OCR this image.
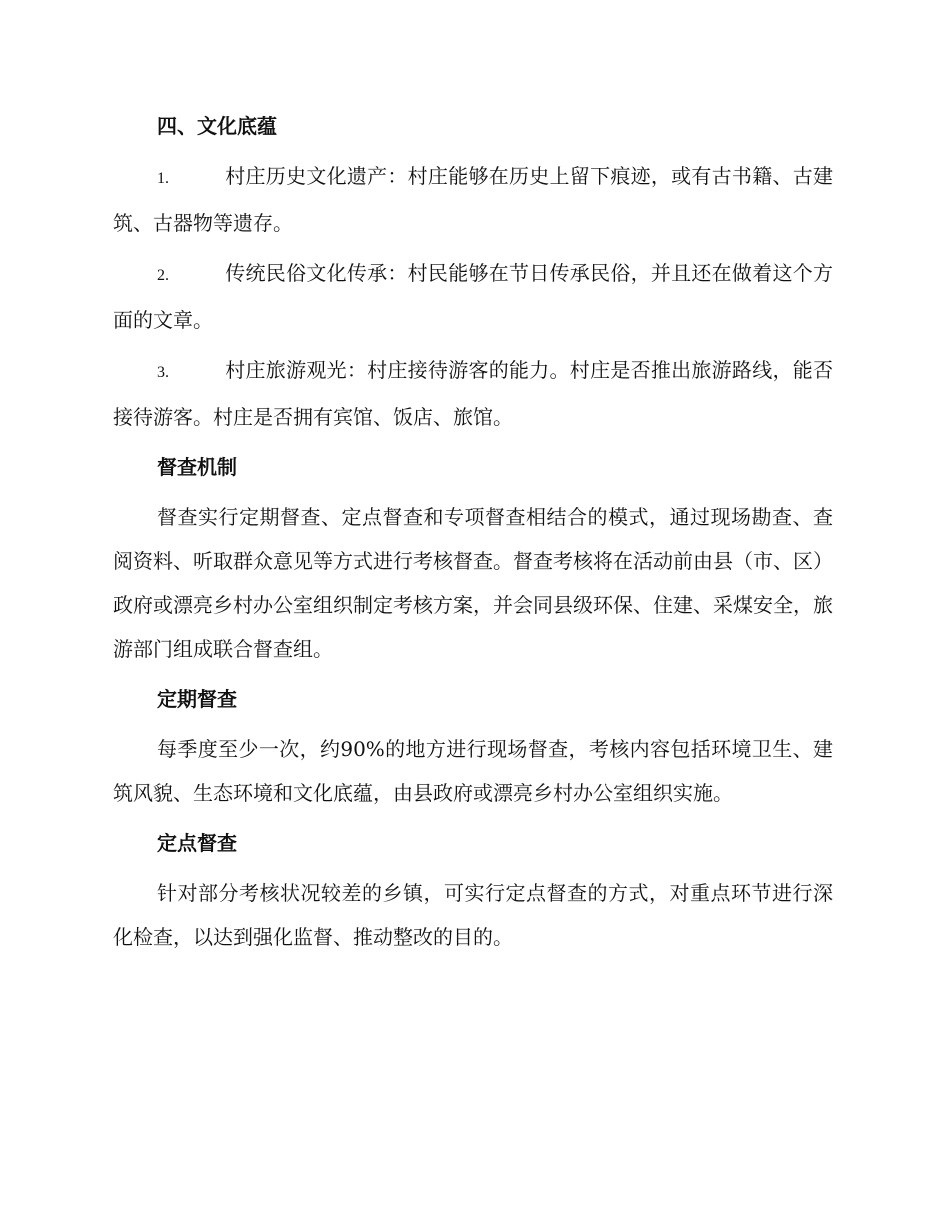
四、文化底蕴
1.	村庄历史文化遗产：村庄能够在历史上留下痕迹，或有古书籍、古建筑、古器物等遗存。
2.	传统民俗文化传承：村民能够在节日传承民俗，并且还在做着这个方面的文章。
3.	村庄旅游观光：村庄接待游客的能力。村庄是否推出旅游路线，能否接待游客。村庄是否拥有宾馆、饭店、旅馆。
督查机制
督查实行定期督查、定点督查和专项督查相结合的模式，通过现场勘查、查阅资料、听取群众意见等方式进行考核督查。督查考核将在活动前由县（市、区）政府或漂亮乡村办公室组织制定考核方案，并会同县级环保、住建、采煤安全，旅游部门组成联合督查组。
定期督查
每季度至少一次，约90%的地方进行现场督查，考核内容包括环境卫生、建筑风貌、生态环境和文化底蕴，由县政府或漂亮乡村办公室组织实施。
定点督查
针对部分考核状况较差的乡镇，可实行定点督查的方式，对重点环节进行深化检查，以达到强化监督、推动整改的目的。
